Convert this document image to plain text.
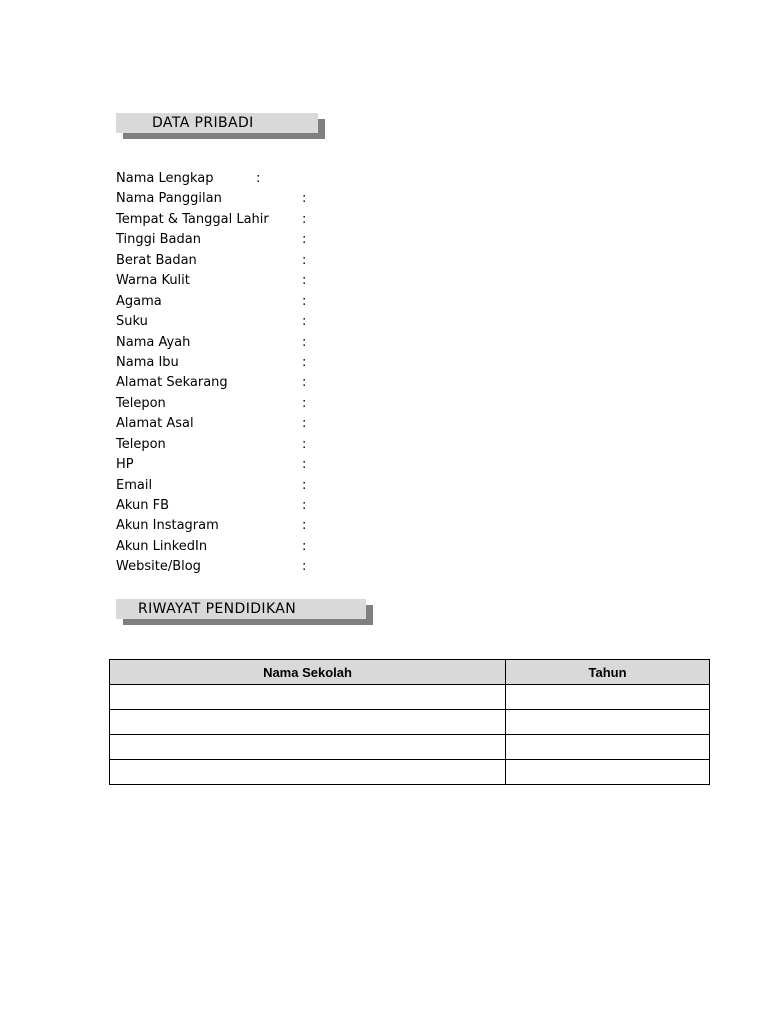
DATA PRIBADI
Nama Lengkap	:
Nama Panggilan	:
Tempat & Tanggal Lahir	:
Tinggi Badan	:
Berat Badan	:
Warna Kulit	:
Agama	:
Suku	:
Nama Ayah	:
Nama Ibu	:
Alamat Sekarang	:
Telepon	:
Alamat Asal	:
Telepon	:
HP	:
Email	:
Akun FB	:
Akun Instagram	:
Akun LinkedIn	:
Website/Blog	:
RIWAYAT PENDIDIKAN
Nama Sekolah	Tahun
